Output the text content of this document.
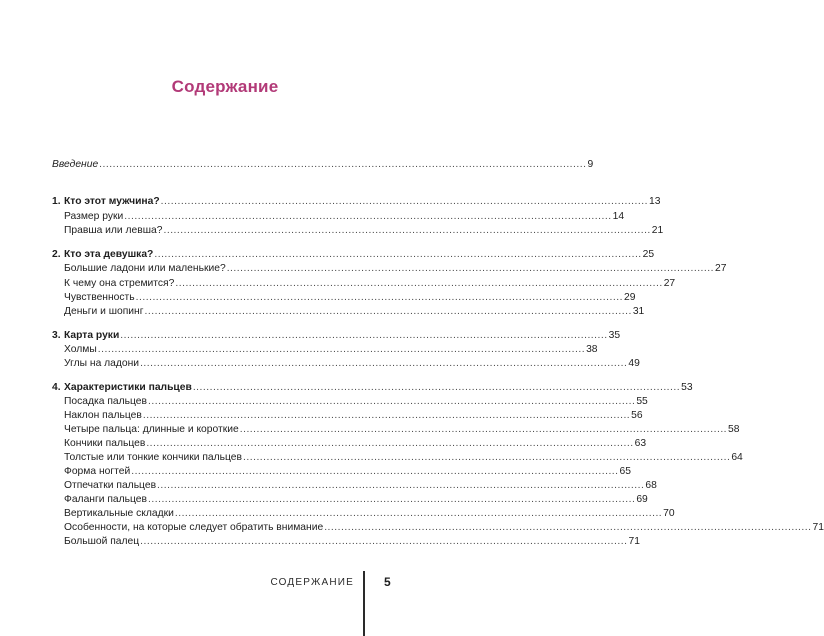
Содержание
Введение ................................................................................................................................................. 9
1. Кто этот мужчина? ................................................................................................................................................. 13
Размер руки ................................................................................................................................................. 14
Правша или левша? ................................................................................................................................................. 21
2. Кто эта девушка? ................................................................................................................................................. 25
Большие ладони или маленькие? ................................................................................................................................................. 27
К чему она стремится? ................................................................................................................................................. 27
Чувственность ................................................................................................................................................. 29
Деньги и шопинг ................................................................................................................................................. 31
3. Карта руки ................................................................................................................................................. 35
Холмы ................................................................................................................................................. 38
Углы на ладони ................................................................................................................................................. 49
4. Характеристики пальцев ................................................................................................................................................. 53
Посадка пальцев ................................................................................................................................................. 55
Наклон пальцев ................................................................................................................................................. 56
Четыре пальца: длинные и короткие ................................................................................................................................................. 58
Кончики пальцев ................................................................................................................................................. 63
Толстые или тонкие кончики пальцев ................................................................................................................................................. 64
Форма ногтей ................................................................................................................................................. 65
Отпечатки пальцев ................................................................................................................................................. 68
Фаланги пальцев ................................................................................................................................................. 69
Вертикальные складки ................................................................................................................................................. 70
Особенности, на которые следует обратить внимание ................................................................................................................................................. 71
Большой палец ................................................................................................................................................. 71
СОДЕРЖАНИЕ	5
